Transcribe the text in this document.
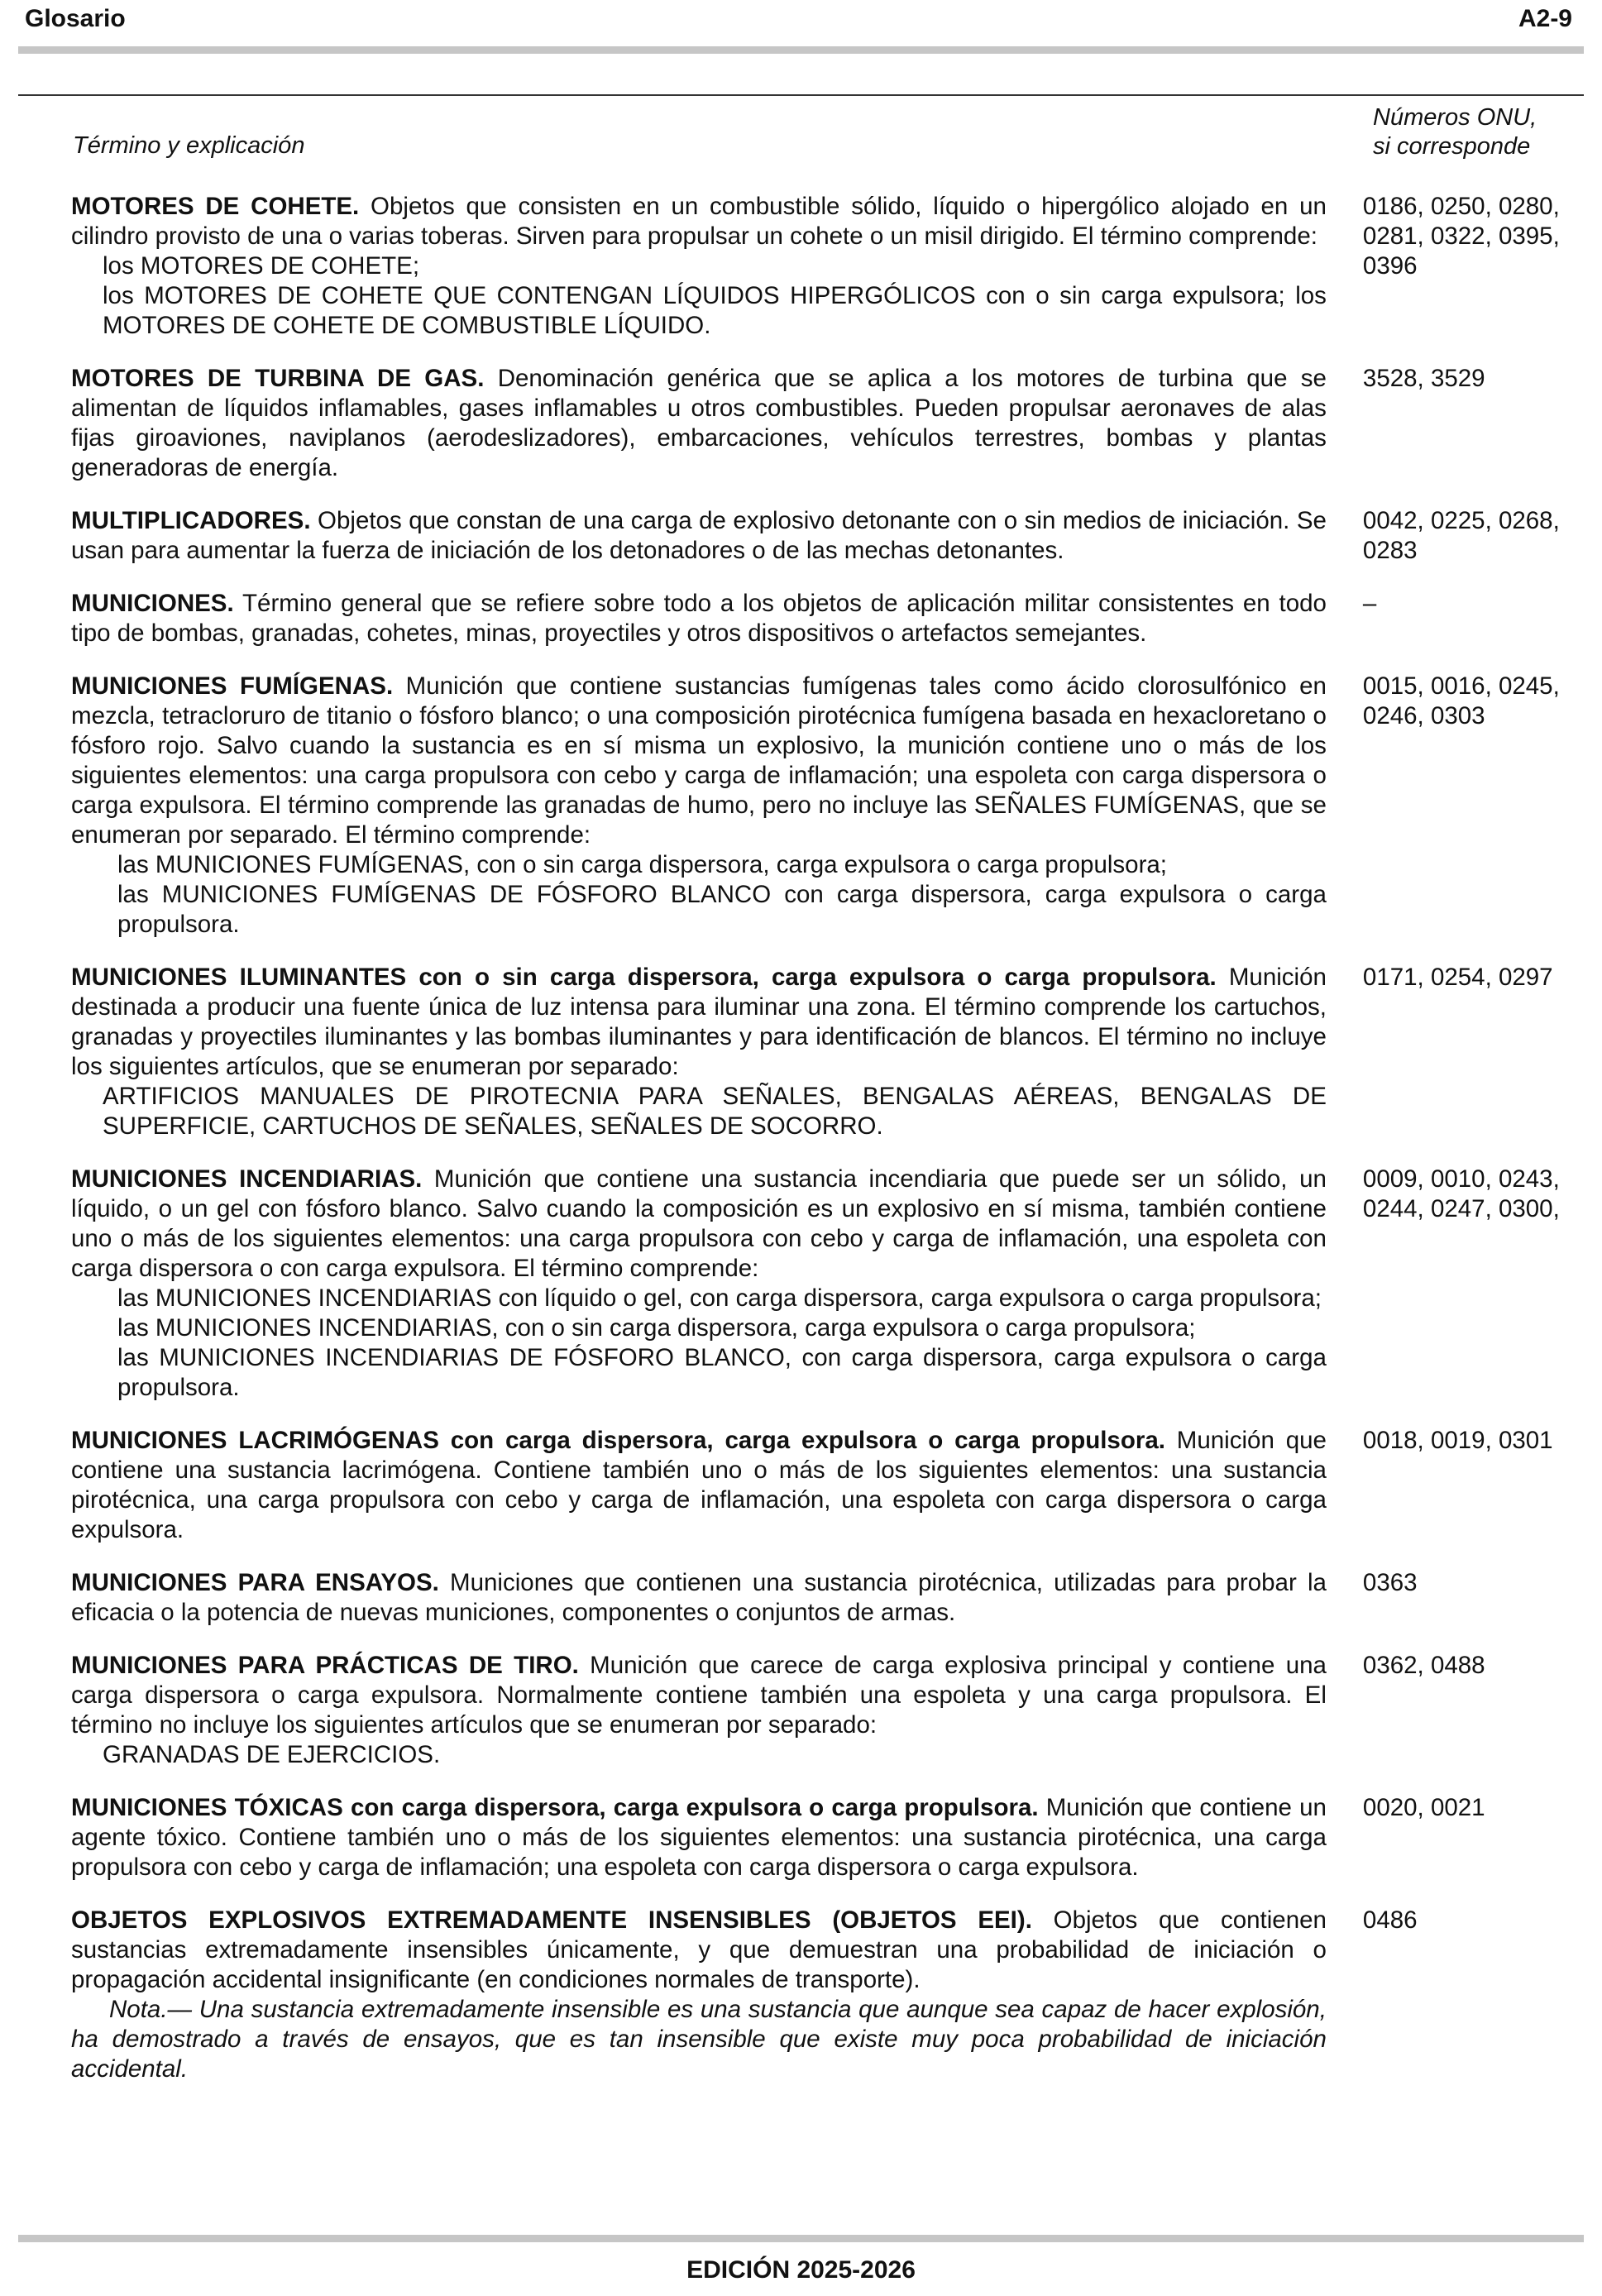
Glosario	A2-9
Término y explicación
Números ONU,
si corresponde
MOTORES DE COHETE. Objetos que consisten en un combustible sólido, líquido o hipergólico alojado en un cilindro provisto de una o varias toberas. Sirven para propulsar un cohete o un misil dirigido. El término comprende:
los MOTORES DE COHETE;
los MOTORES DE COHETE QUE CONTENGAN LÍQUIDOS HIPERGÓLICOS con o sin carga expulsora; los MOTORES DE COHETE DE COMBUSTIBLE LÍQUIDO.
0186, 0250, 0280, 0281, 0322, 0395, 0396
MOTORES DE TURBINA DE GAS. Denominación genérica que se aplica a los motores de turbina que se alimentan de líquidos inflamables, gases inflamables u otros combustibles. Pueden propulsar aeronaves de alas fijas giroaviones, naviplanos (aerodeslizadores), embarcaciones, vehículos terrestres, bombas y plantas generadoras de energía.
3528, 3529
MULTIPLICADORES. Objetos que constan de una carga de explosivo detonante con o sin medios de iniciación. Se usan para aumentar la fuerza de iniciación de los detonadores o de las mechas detonantes.
0042, 0225, 0268, 0283
MUNICIONES. Término general que se refiere sobre todo a los objetos de aplicación militar consistentes en todo tipo de bombas, granadas, cohetes, minas, proyectiles y otros dispositivos o artefactos semejantes.
–
MUNICIONES FUMÍGENAS. Munición que contiene sustancias fumígenas tales como ácido clorosulfónico en mezcla, tetracloruro de titanio o fósforo blanco; o una composición pirotécnica fumígena basada en hexacloretano o fósforo rojo. Salvo cuando la sustancia es en sí misma un explosivo, la munición contiene uno o más de los siguientes elementos: una carga propulsora con cebo y carga de inflamación; una espoleta con carga dispersora o carga expulsora. El término comprende las granadas de humo, pero no incluye las SEÑALES FUMÍGENAS, que se enumeran por separado. El término comprende:
las MUNICIONES FUMÍGENAS, con o sin carga dispersora, carga expulsora o carga propulsora;
las MUNICIONES FUMÍGENAS DE FÓSFORO BLANCO con carga dispersora, carga expulsora o carga propulsora.
0015, 0016, 0245, 0246, 0303
MUNICIONES ILUMINANTES con o sin carga dispersora, carga expulsora o carga propulsora. Munición destinada a producir una fuente única de luz intensa para iluminar una zona. El término comprende los cartuchos, granadas y proyectiles iluminantes y las bombas iluminantes y para identificación de blancos. El término no incluye los siguientes artículos, que se enumeran por separado:
ARTIFICIOS MANUALES DE PIROTECNIA PARA SEÑALES, BENGALAS AÉREAS, BENGALAS DE SUPERFICIE, CARTUCHOS DE SEÑALES, SEÑALES DE SOCORRO.
0171, 0254, 0297
MUNICIONES INCENDIARIAS. Munición que contiene una sustancia incendiaria que puede ser un sólido, un líquido, o un gel con fósforo blanco. Salvo cuando la composición es un explosivo en sí misma, también contiene uno o más de los siguientes elementos: una carga propulsora con cebo y carga de inflamación, una espoleta con carga dispersora o con carga expulsora. El término comprende:
las MUNICIONES INCENDIARIAS con líquido o gel, con carga dispersora, carga expulsora o carga propulsora;
las MUNICIONES INCENDIARIAS, con o sin carga dispersora, carga expulsora o carga propulsora;
las MUNICIONES INCENDIARIAS DE FÓSFORO BLANCO, con carga dispersora, carga expulsora o carga propulsora.
0009, 0010, 0243, 0244, 0247, 0300,
MUNICIONES LACRIMÓGENAS con carga dispersora, carga expulsora o carga propulsora. Munición que contiene una sustancia lacrimógena. Contiene también uno o más de los siguientes elementos: una sustancia pirotécnica, una carga propulsora con cebo y carga de inflamación, una espoleta con carga dispersora o carga expulsora.
0018, 0019, 0301
MUNICIONES PARA ENSAYOS. Municiones que contienen una sustancia pirotécnica, utilizadas para probar la eficacia o la potencia de nuevas municiones, componentes o conjuntos de armas.
0363
MUNICIONES PARA PRÁCTICAS DE TIRO. Munición que carece de carga explosiva principal y contiene una carga dispersora o carga expulsora. Normalmente contiene también una espoleta y una carga propulsora. El término no incluye los siguientes artículos que se enumeran por separado:
GRANADAS DE EJERCICIOS.
0362, 0488
MUNICIONES TÓXICAS con carga dispersora, carga expulsora o carga propulsora. Munición que contiene un agente tóxico. Contiene también uno o más de los siguientes elementos: una sustancia pirotécnica, una carga propulsora con cebo y carga de inflamación; una espoleta con carga dispersora o carga expulsora.
0020, 0021
OBJETOS EXPLOSIVOS EXTREMADAMENTE INSENSIBLES (OBJETOS EEI). Objetos que contienen sustancias extremadamente insensibles únicamente, y que demuestran una probabilidad de iniciación o propagación accidental insignificante (en condiciones normales de transporte).
Nota.— Una sustancia extremadamente insensible es una sustancia que aunque sea capaz de hacer explosión, ha demostrado a través de ensayos, que es tan insensible que existe muy poca probabilidad de iniciación accidental.
0486
EDICIÓN 2025-2026
